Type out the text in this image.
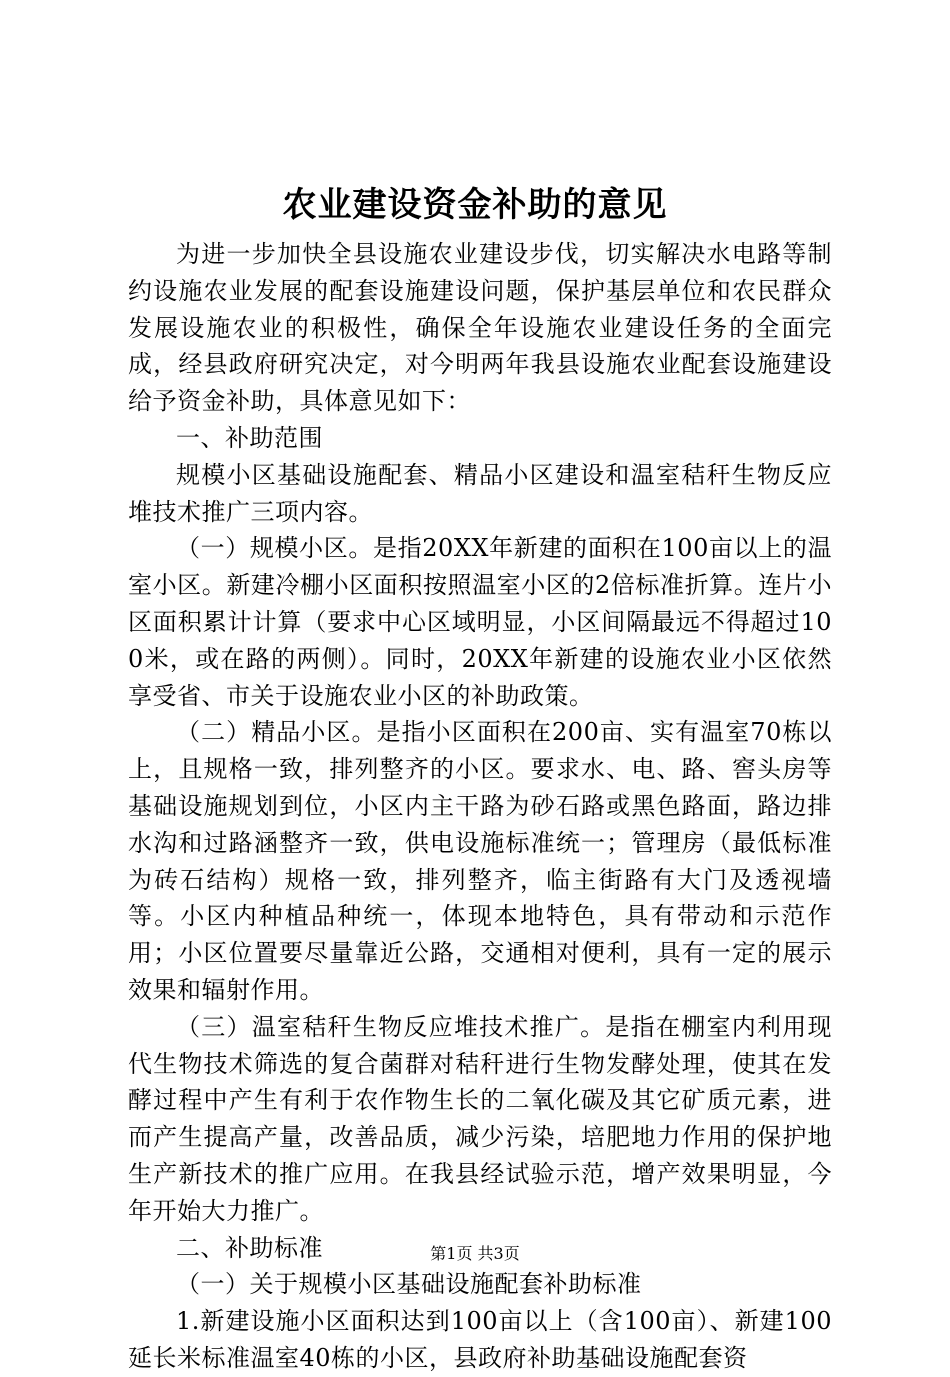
农业建设资金补助的意见

为进一步加快全县设施农业建设步伐，切实解决水电路等制约设施农业发展的配套设施建设问题，保护基层单位和农民群众发展设施农业的积极性，确保全年设施农业建设任务的全面完成，经县政府研究决定，对今明两年我县设施农业配套设施建设给予资金补助，具体意见如下：

一、补助范围

规模小区基础设施配套、精品小区建设和温室秸秆生物反应堆技术推广三项内容。

（一）规模小区。是指20XX年新建的面积在100亩以上的温室小区。新建冷棚小区面积按照温室小区的2倍标准折算。连片小区面积累计计算（要求中心区域明显，小区间隔最远不得超过100米，或在路的两侧）。同时，20XX年新建的设施农业小区依然享受省、市关于设施农业小区的补助政策。

（二）精品小区。是指小区面积在200亩、实有温室70栋以上，且规格一致，排列整齐的小区。要求水、电、路、窖头房等基础设施规划到位，小区内主干路为砂石路或黑色路面，路边排水沟和过路涵整齐一致，供电设施标准统一；管理房（最低标准为砖石结构）规格一致，排列整齐，临主街路有大门及透视墙等。小区内种植品种统一，体现本地特色，具有带动和示范作用；小区位置要尽量靠近公路，交通相对便利，具有一定的展示效果和辐射作用。

（三）温室秸秆生物反应堆技术推广。是指在棚室内利用现代生物技术筛选的复合菌群对秸秆进行生物发酵处理，使其在发酵过程中产生有利于农作物生长的二氧化碳及其它矿质元素，进而产生提高产量，改善品质，减少污染，培肥地力作用的保护地生产新技术的推广应用。在我县经试验示范，增产效果明显，今年开始大力推广。

二、补助标准

（一）关于规模小区基础设施配套补助标准

1.新建设施小区面积达到100亩以上（含100亩）、新建100延长米标准温室40栋的小区，县政府补助基础设施配套资

第1页 共3页
